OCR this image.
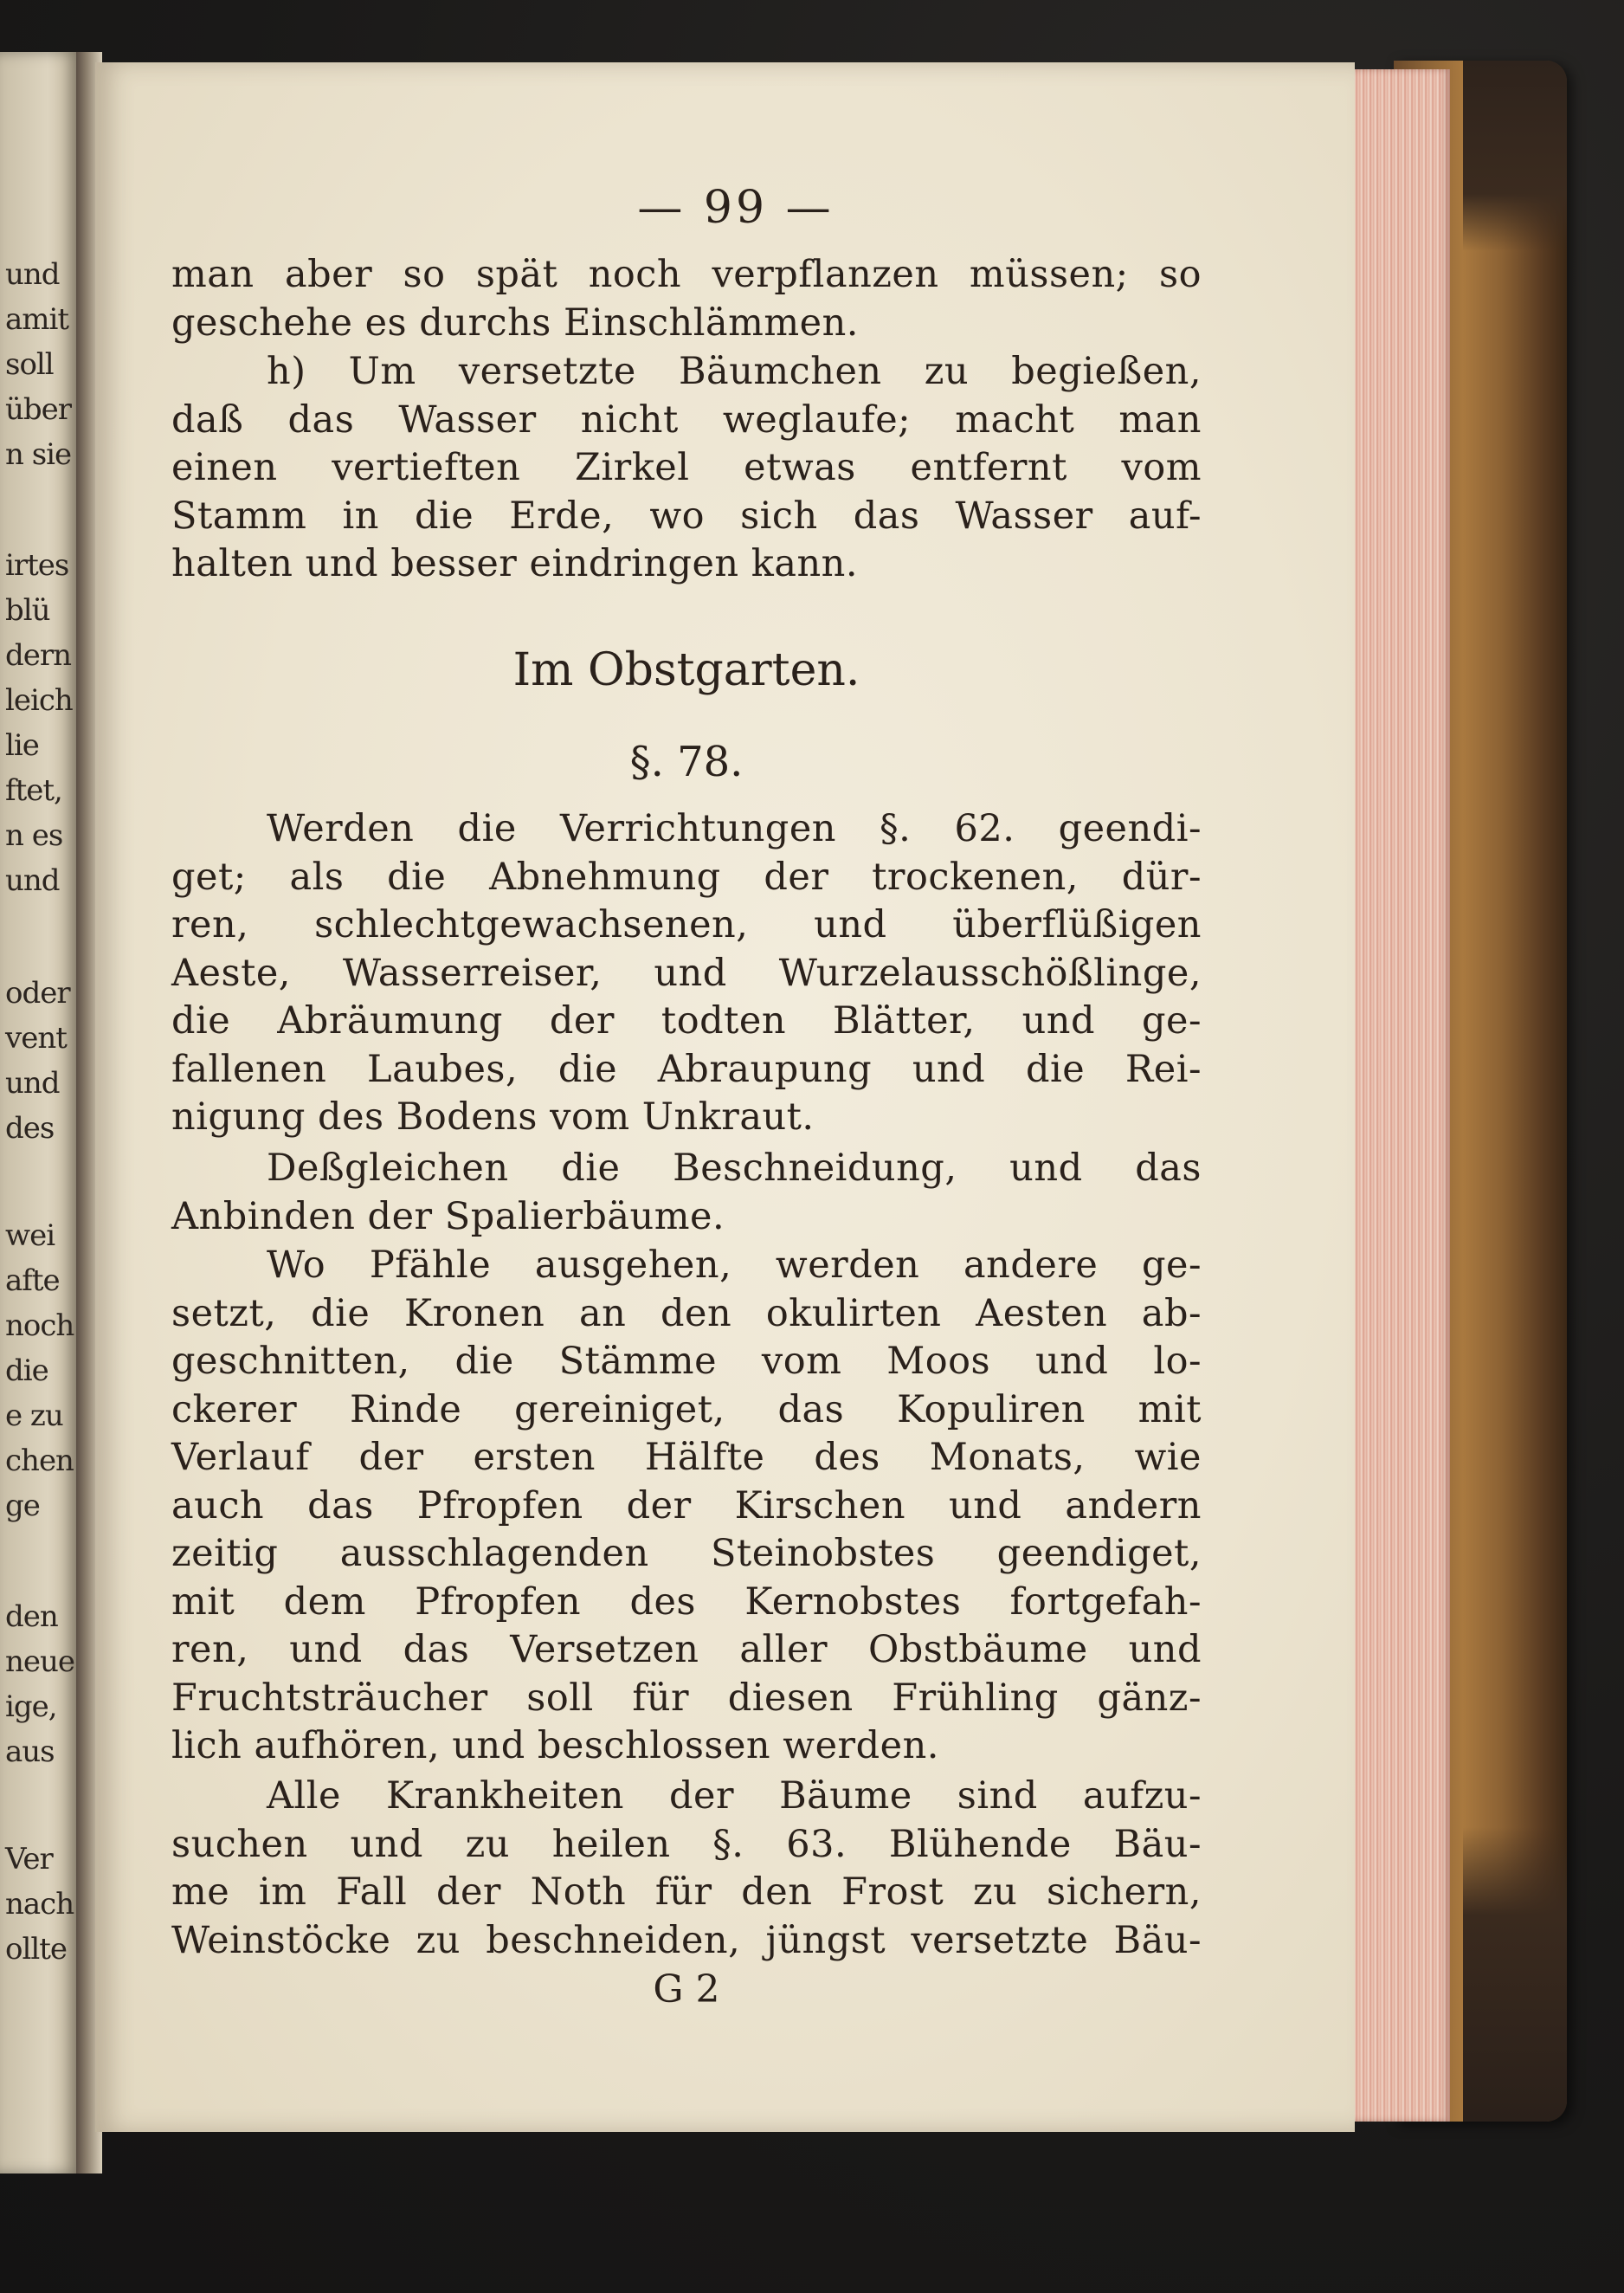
und
amit
soll
über
n sie
irtes
blü
dern
leich
lie
ftet,
n es
und
oder
vent
und
des
wei
afte
noch
die
e zu
chen
ge
den
neue
ige,
aus
Ver
nach
ollte
— 99 —
man aber so spät noch verpflanzen müssen; so
geschehe es durchs Einschlämmen.
h) Um versetzte Bäumchen zu begießen,
daß das Wasser nicht weglaufe; macht man
einen vertieften Zirkel etwas entfernt vom
Stamm in die Erde, wo sich das Wasser auf-
halten und besser eindringen kann.
Im Obstgarten.
§. 78.
Werden die Verrichtungen §. 62. geendi-
get; als die Abnehmung der trockenen, dür-
ren, schlechtgewachsenen, und überflüßigen
Aeste, Wasserreiser, und Wurzelausschößlinge,
die Abräumung der todten Blätter, und ge-
fallenen Laubes, die Abraupung und die Rei-
nigung des Bodens vom Unkraut.
Deßgleichen die Beschneidung, und das
Anbinden der Spalierbäume.
Wo Pfähle ausgehen, werden andere ge-
setzt, die Kronen an den okulirten Aesten ab-
geschnitten, die Stämme vom Moos und lo-
ckerer Rinde gereiniget, das Kopuliren mit
Verlauf der ersten Hälfte des Monats, wie
auch das Pfropfen der Kirschen und andern
zeitig ausschlagenden Steinobstes geendiget,
mit dem Pfropfen des Kernobstes fortgefah-
ren, und das Versetzen aller Obstbäume und
Fruchtsträucher soll für diesen Frühling gänz-
lich aufhören, und beschlossen werden.
Alle Krankheiten der Bäume sind aufzu-
suchen und zu heilen §. 63. Blühende Bäu-
me im Fall der Noth für den Frost zu sichern,
Weinstöcke zu beschneiden, jüngst versetzte Bäu-
G 2
